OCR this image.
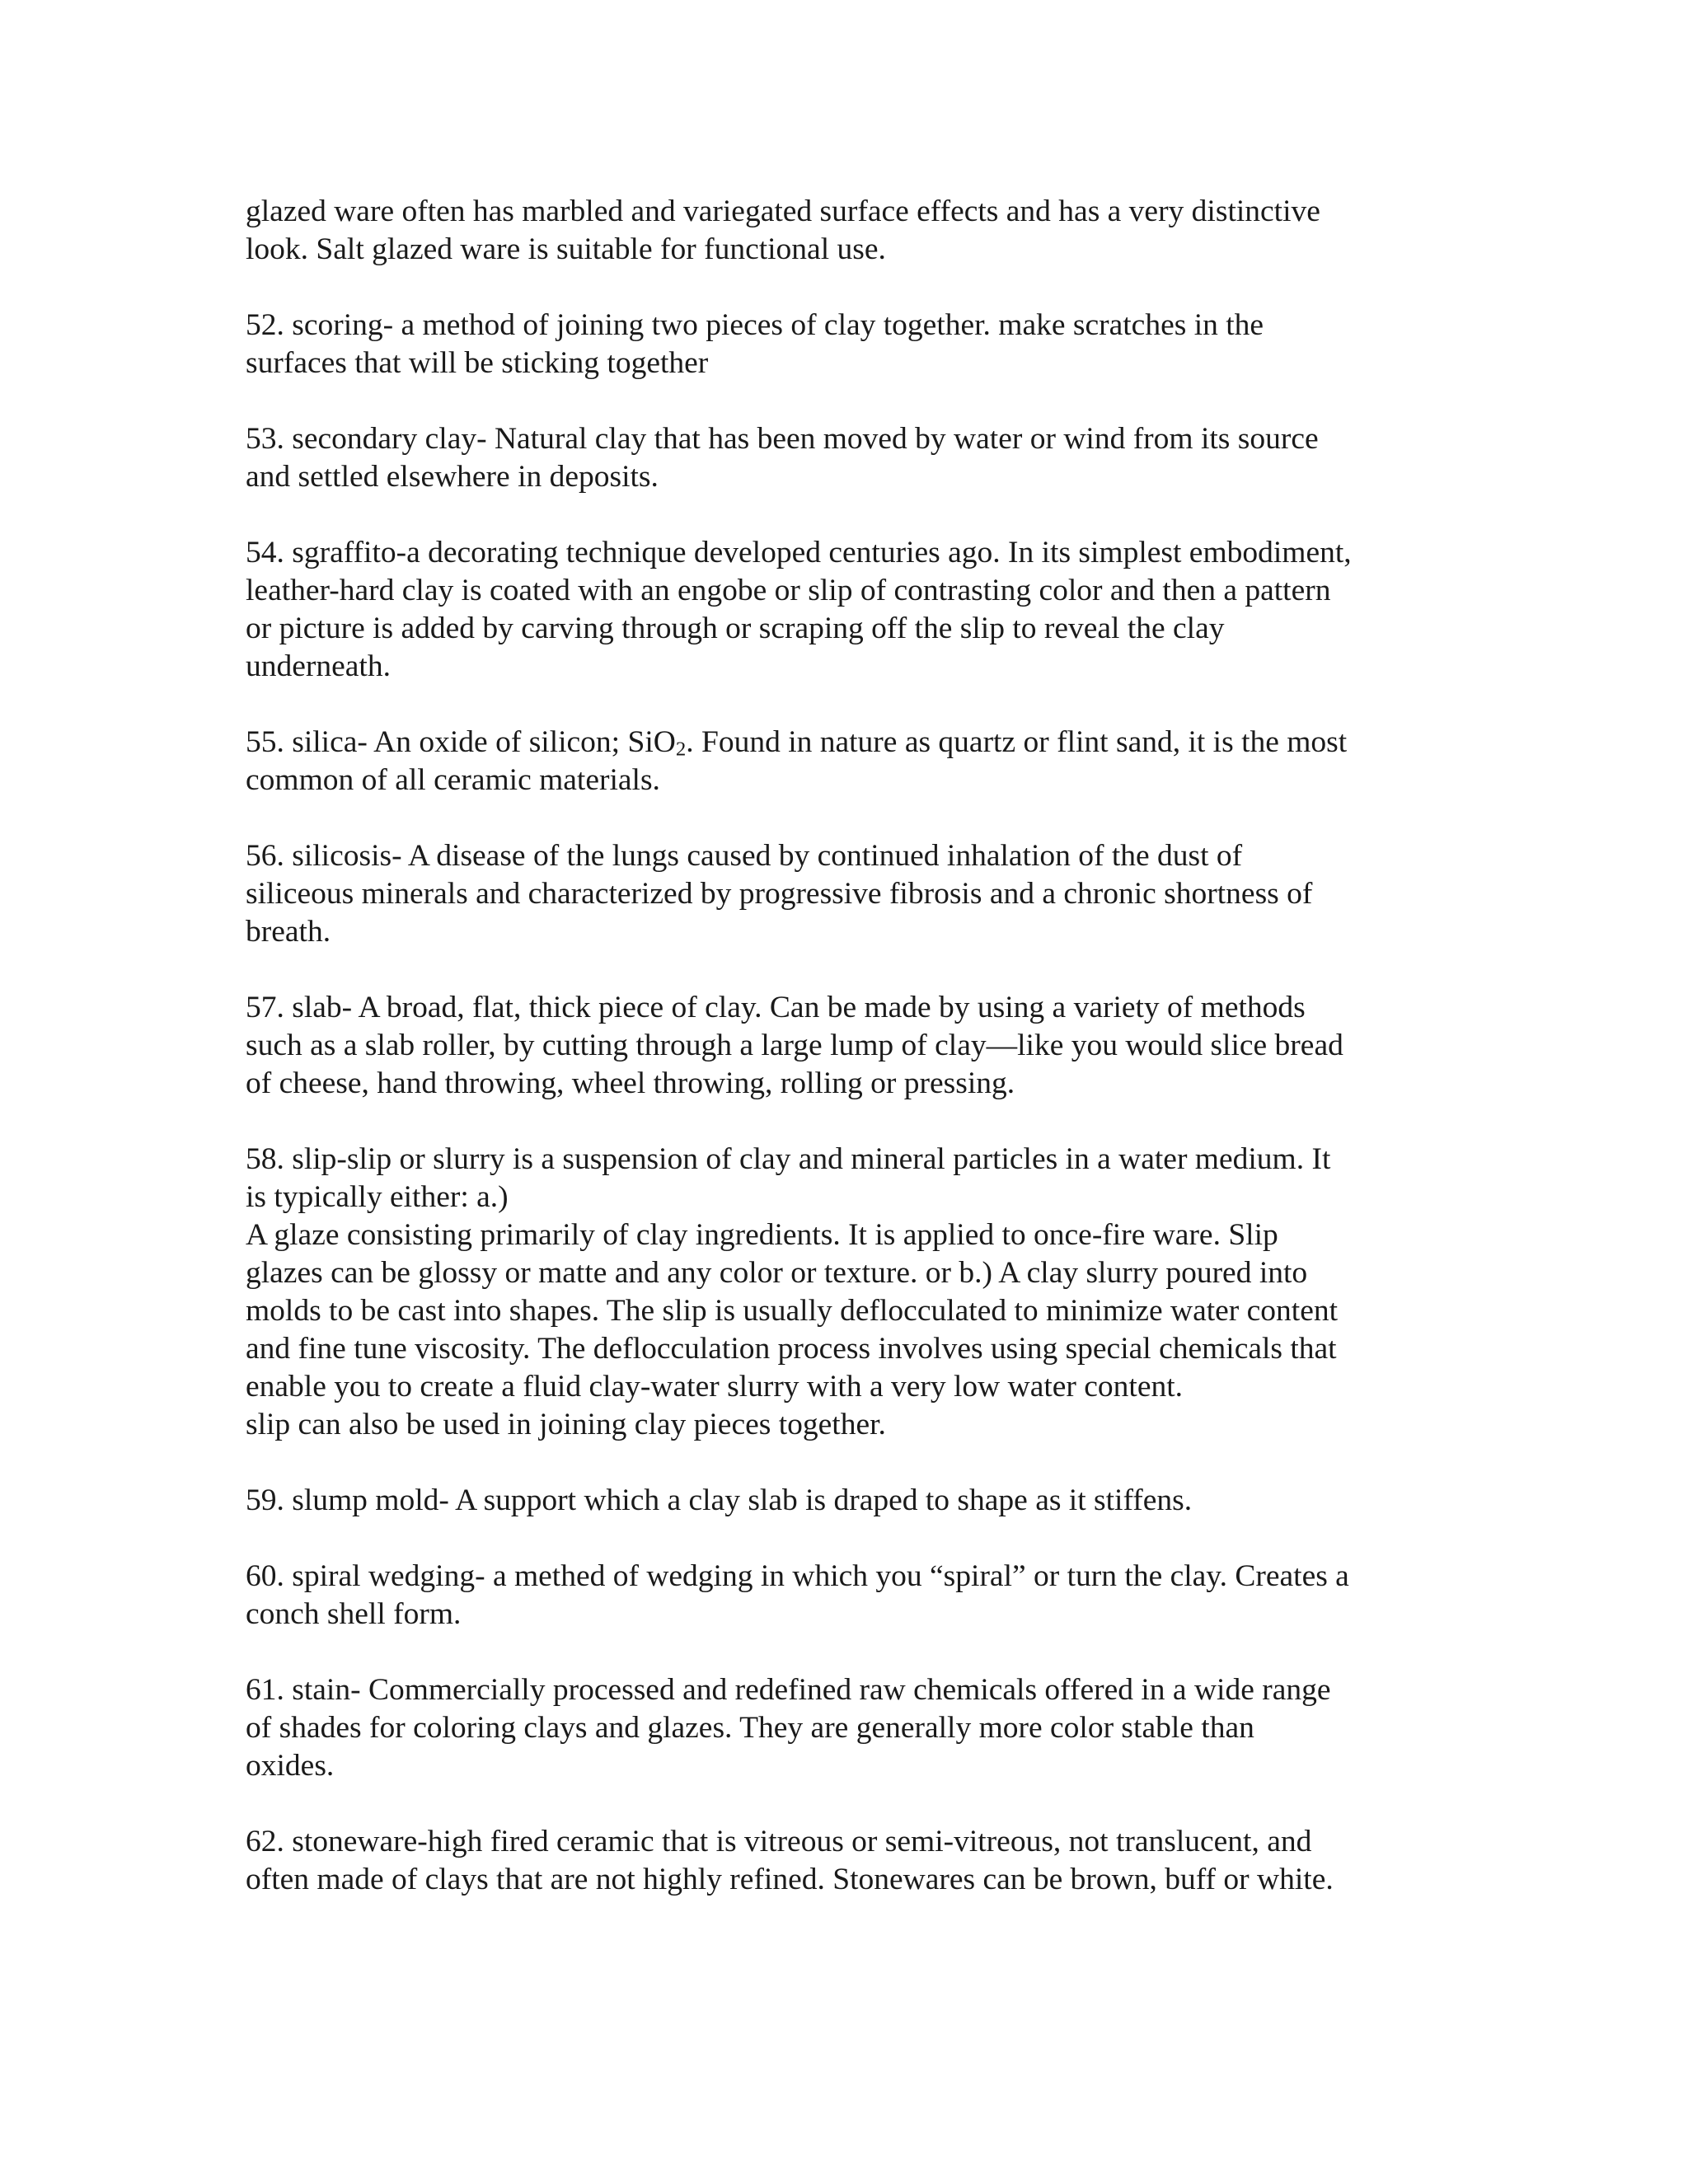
glazed ware often has marbled and variegated surface effects and has a very distinctive
look. Salt glazed ware is suitable for functional use.

52. scoring- a method of joining two pieces of clay together. make scratches in the
surfaces that will be sticking together

53. secondary clay- Natural clay that has been moved by water or wind from its source
and settled elsewhere in deposits.

54. sgraffito-a decorating technique developed centuries ago. In its simplest embodiment,
leather-hard clay is coated with an engobe or slip of contrasting color and then a pattern
or picture is added by carving through or scraping off the slip to reveal the clay
underneath.

55. silica- An oxide of silicon; SiO$_2$. Found in nature as quartz or flint sand, it is the most
common of all ceramic materials.

56. silicosis- A disease of the lungs caused by continued inhalation of the dust of
siliceous minerals and characterized by progressive fibrosis and a chronic shortness of
breath.

57. slab- A broad, flat, thick piece of clay. Can be made by using a variety of methods
such as a slab roller, by cutting through a large lump of clay—like you would slice bread
of cheese, hand throwing, wheel throwing, rolling or pressing.

58. slip-slip or slurry is a suspension of clay and mineral particles in a water medium. It
is typically either: a.)
A glaze consisting primarily of clay ingredients. It is applied to once-fire ware. Slip
glazes can be glossy or matte and any color or texture. or b.) A clay slurry poured into
molds to be cast into shapes. The slip is usually deflocculated to minimize water content
and fine tune viscosity. The deflocculation process involves using special chemicals that
enable you to create a fluid clay-water slurry with a very low water content.
slip can also be used in joining clay pieces together.

59. slump mold- A support which a clay slab is draped to shape as it stiffens.

60. spiral wedging- a methed of wedging in which you “spiral” or turn the clay. Creates a
conch shell form.

61. stain- Commercially processed and redefined raw chemicals offered in a wide range
of shades for coloring clays and glazes. They are generally more color stable than
oxides.

62. stoneware-high fired ceramic that is vitreous or semi-vitreous, not translucent, and
often made of clays that are not highly refined. Stonewares can be brown, buff or white.
